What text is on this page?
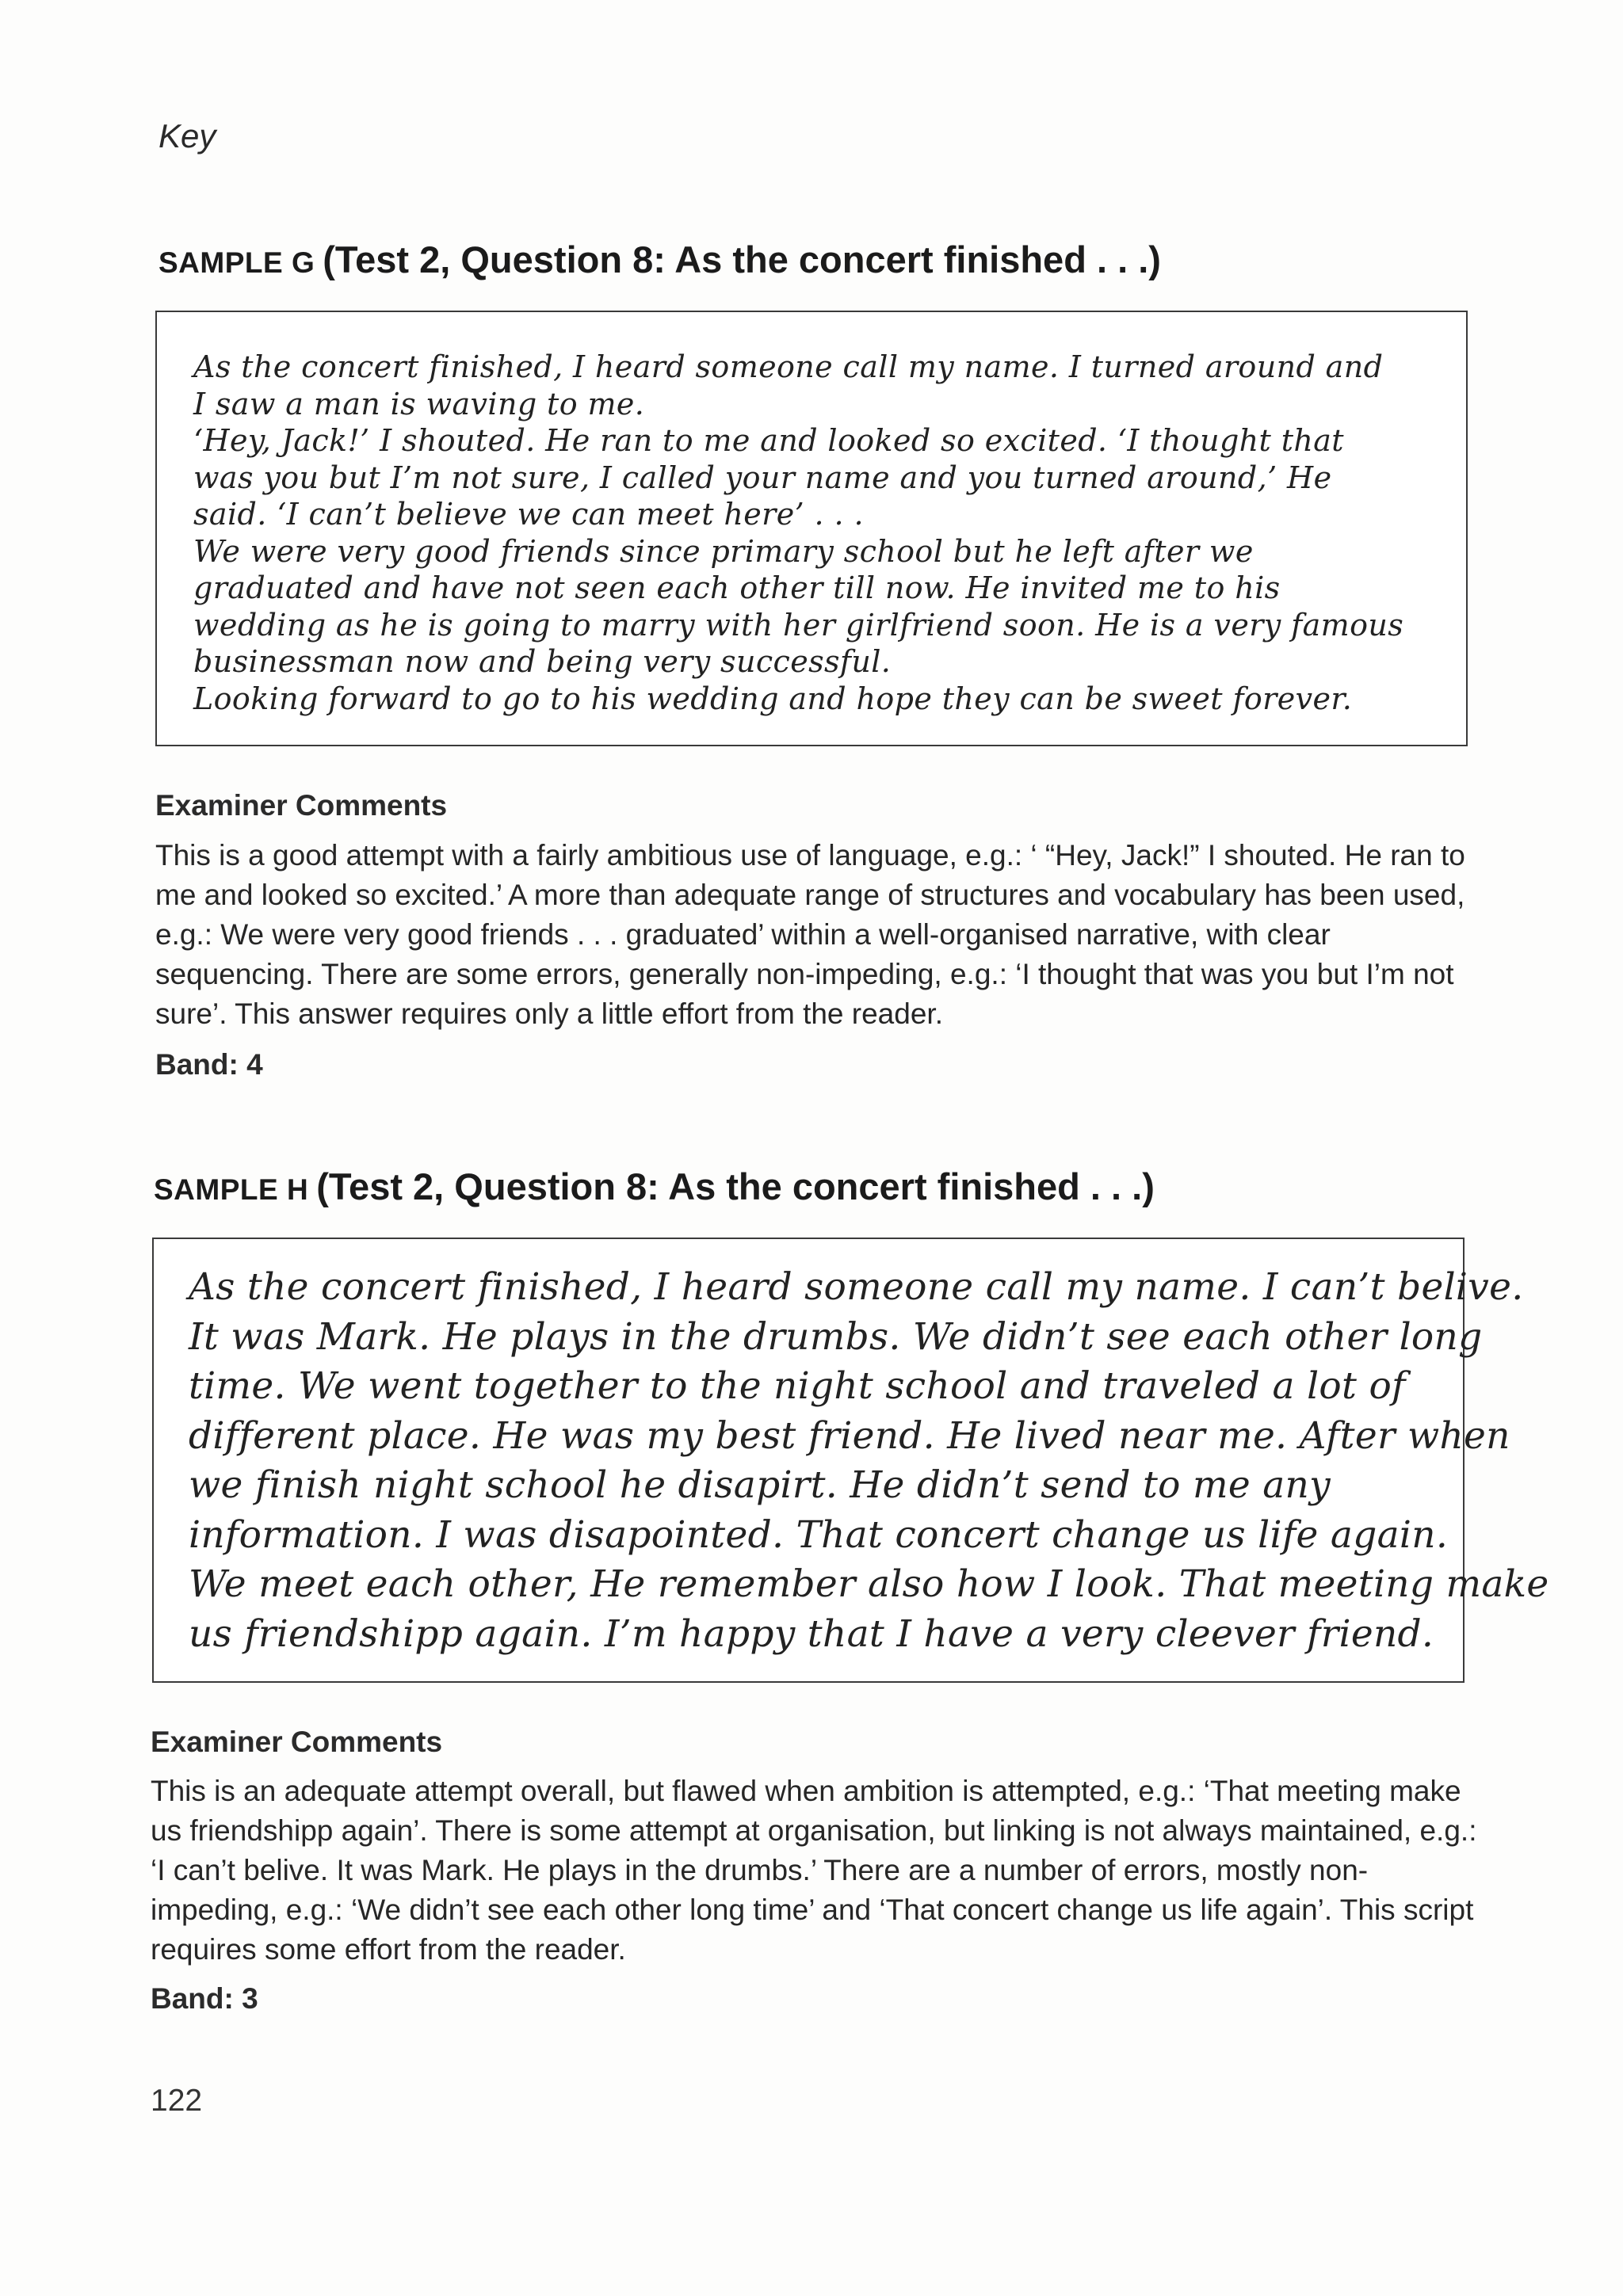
Key
SAMPLE G (Test 2, Question 8: As the concert finished . . .)
As the concert finished, I heard someone call my name. I turned around and
I saw a man is waving to me.
‘Hey, Jack!’ I shouted. He ran to me and looked so excited. ‘I thought that
was you but I’m not sure, I called your name and you turned around,’ He
said. ‘I can’t believe we can meet here’ . . .
We were very good friends since primary school but he left after we
graduated and have not seen each other till now. He invited me to his
wedding as he is going to marry with her girlfriend soon. He is a very famous
businessman now and being very successful.
Looking forward to go to his wedding and hope they can be sweet forever.
Examiner Comments
This is a good attempt with a fairly ambitious use of language, e.g.: ‘ “Hey, Jack!” I shouted. He ran to me and looked so excited.’ A more than adequate range of structures and vocabulary has been used, e.g.: We were very good friends . . . graduated’ within a well-organised narrative, with clear sequencing. There are some errors, generally non-impeding, e.g.: ‘I thought that was you but I’m not sure’. This answer requires only a little effort from the reader.
Band: 4
SAMPLE H (Test 2, Question 8: As the concert finished . . .)
As the concert finished, I heard someone call my name. I can’t belive.
It was Mark. He plays in the drumbs. We didn’t see each other long
time. We went together to the night school and traveled a lot of
different place. He was my best friend. He lived near me. After when
we finish night school he disapirt. He didn’t send to me any
information. I was disapointed. That concert change us life again.
We meet each other, He remember also how I look. That meeting make
us friendshipp again. I’m happy that I have a very cleever friend.
Examiner Comments
This is an adequate attempt overall, but flawed when ambition is attempted, e.g.: ‘That meeting make us friendshipp again’. There is some attempt at organisation, but linking is not always maintained, e.g.: ‘I can’t belive. It was Mark. He plays in the drumbs.’ There are a number of errors, mostly non-impeding, e.g.: ‘We didn’t see each other long time’ and ‘That concert change us life again’. This script requires some effort from the reader.
Band: 3
122
